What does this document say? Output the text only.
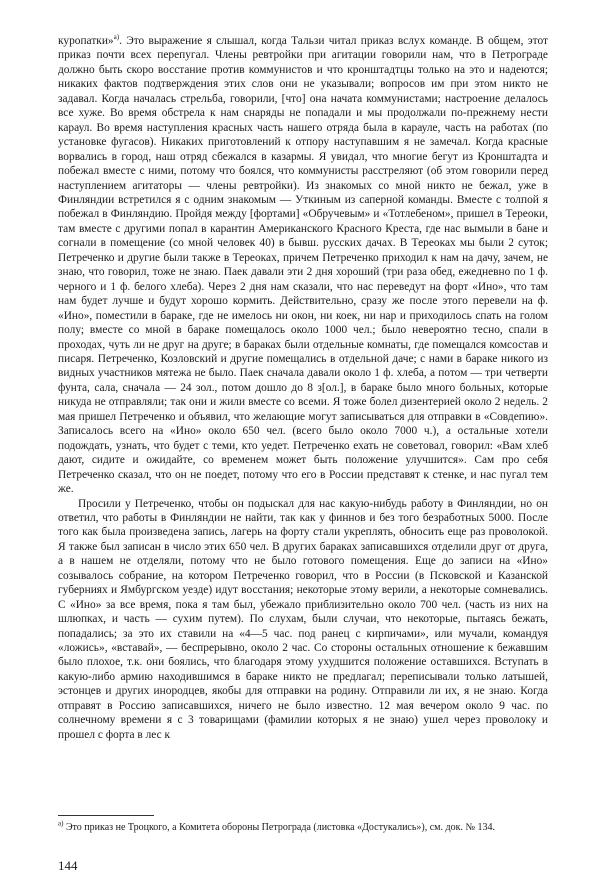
куропатки»$^{а)}$. Это выражение я слышал, когда Тальзи читал приказ вслух команде. В общем, этот приказ почти всех перепугал. Члены ревтройки при агитации говорили нам, что в Петрограде должно быть скоро восстание против коммунистов и что кронштадтцы только на это и надеются; никаких фактов подтверждения этих слов они не указывали; вопросов им при этом никто не задавал. Когда началась стрельба, говорили, [что] она начата коммунистами; настроение делалось все хуже. Во время обстрела к нам снаряды не попадали и мы продолжали по-прежнему нести караул. Во время наступления красных часть нашего отряда была в карауле, часть на работах (по установке фугасов). Никаких приготовлений к отпору наступавшим я не замечал. Когда красные ворвались в город, наш отряд сбежался в казармы. Я увидал, что многие бегут из Кронштадта и побежал вместе с ними, потому что боялся, что коммунисты расстреляют (об этом говорили перед наступлением агитаторы — члены ревтройки). Из знакомых со мной никто не бежал, уже в Финляндии встретился я с одним знакомым — Уткиным из саперной команды. Вместе с толпой я побежал в Финляндию. Пройдя между [фортами] «Обручевым» и «Тотлебеном», пришел в Тереоки, там вместе с другими попал в карантин Американского Красного Креста, где нас вымыли в бане и согнали в помещение (со мной человек 40) в бывш. русских дачах. В Тереоках мы были 2 суток; Петреченко и другие были также в Тереоках, причем Петреченко приходил к нам на дачу, зачем, не знаю, что говорил, тоже не знаю. Паек давали эти 2 дня хороший (три раза обед, ежедневно по 1 ф. черного и 1 ф. белого хлеба). Через 2 дня нам сказали, что нас переведут на форт «Ино», что там нам будет лучше и будут хорошо кормить. Действительно, сразу же после этого перевели на ф. «Ино», поместили в бараке, где не имелось ни окон, ни коек, ни нар и приходилось спать на голом полу; вместе со мной в бараке помещалось около 1000 чел.; было невероятно тесно, спали в проходах, чуть ли не друг на друге; в бараках были отдельные комнаты, где помещался комсостав и писаря. Петреченко, Козловский и другие помещались в отдельной даче; с нами в бараке никого из видных участников мятежа не было. Паек сначала давали около 1 ф. хлеба, а потом — три четверти фунта, сала, сначала — 24 зол., потом дошло до 8 з[ол.], в бараке было много больных, которые никуда не отправляли; так они и жили вместе со всеми. Я тоже болел дизентерией около 2 недель. 2 мая пришел Петреченко и объявил, что желающие могут записываться для отправки в «Совдепию». Записалось всего на «Ино» около 650 чел. (всего было около 7000 ч.), а остальные хотели подождать, узнать, что будет с теми, кто уедет. Петреченко ехать не советовал, говорил: «Вам хлеб дают, сидите и ожидайте, со временем может быть положение улучшится». Сам про себя Петреченко сказал, что он не поедет, потому что его в России представят к стенке, и нас пугал тем же.

Просили у Петреченко, чтобы он подыскал для нас какую-нибудь работу в Финляндии, но он ответил, что работы в Финляндии не найти, так как у финнов и без того безработных 5000. После того как была произведена запись, лагерь на форту стали укреплять, обносить еще раз проволокой. Я также был записан в число этих 650 чел. В других бараках записавшихся отделили друг от друга, а в нашем не отделяли, потому что не было готового помещения. Еще до записи на «Ино» созывалось собрание, на котором Петреченко говорил, что в России (в Псковской и Казанской губерниях и Ямбургском уезде) идут восстания; некоторые этому верили, а некоторые сомневались. С «Ино» за все время, пока я там был, убежало приблизительно около 700 чел. (часть из них на шлюпках, и часть — сухим путем). По слухам, были случаи, что некоторые, пытаясь бежать, попадались; за это их ставили на «4—5 час. под ранец с кирпичами», или мучали, командуя «ложись», «вставай», — беспрерывно, около 2 час. Со стороны остальных отношение к бежавшим было плохое, т.к. они боялись, что благодаря этому ухудшится положение оставшихся. Вступать в какую-либо армию находившимся в бараке никто не предлагал; переписывали только латышей, эстонцев и других инородцев, якобы для отправки на родину. Отправили ли их, я не знаю. Когда отправят в Россию записавшихся, ничего не было известно. 12 мая вечером около 9 час. по солнечному времени я с 3 товарищами (фамилии которых я не знаю) ушел через проволоку и прошел с форта в лес к

$^{а)}$ Это приказ не Троцкого, а Комитета обороны Петрограда (листовка «Достукались»), см. док. № 134.

144
